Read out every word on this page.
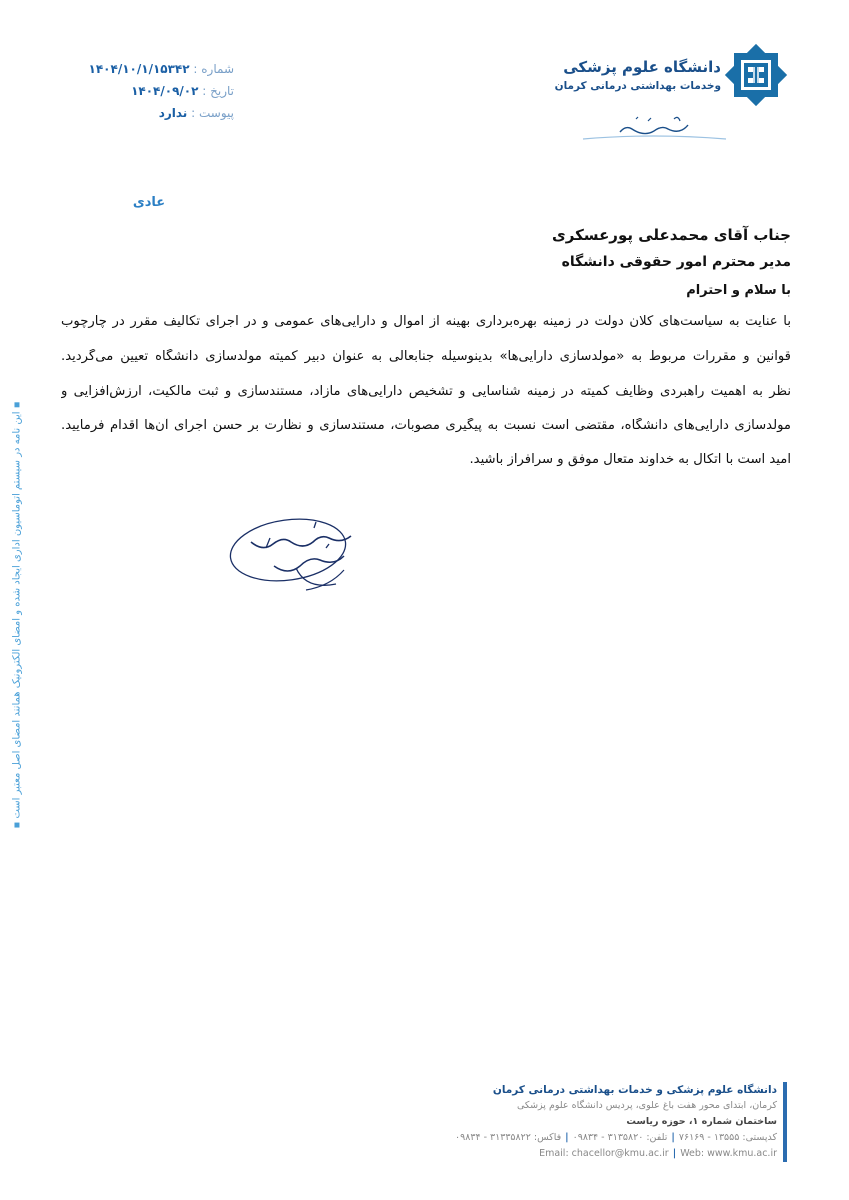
دانشگاه علوم پزشکی
وخدمات بهداشتی درمانی کرمان
شماره : ۱۴۰۴/۱۰/۱/۱۵۳۴۲
تاریخ : ۱۴۰۴/۰۹/۰۲
پیوست : ندارد
عادی
جناب آقای محمدعلی پورعسکری
مدیر محترم امور حقوقی دانشگاه
با سلام و احترام
با عنایت به سیاست‌های کلان دولت در زمینه بهره‌برداری بهینه از اموال و دارایی‌های عمومی و در اجرای تکالیف مقرر در چارچوب
قوانین و مقررات مربوط به «مولدسازی دارایی‌ها» بدینوسیله جنابعالی به عنوان دبیر کمیته مولدسازی دانشگاه تعیین می‌گردید.
نظر به اهمیت راهبردی وظایف کمیته در زمینه شناسایی و تشخیص دارایی‌های مازاد، مستندسازی و ثبت مالکیت، ارزش‌افزایی و
مولدسازی دارایی‌های دانشگاه، مقتضی است نسبت به پیگیری مصوبات، مستندسازی و نظارت بر حسن اجرای آن‌ها اقدام فرمایید.
امید است با اتکال به خداوند متعال موفق و سرافراز باشید.
▪ این نامه در سیستم اتوماسیون اداری ایجاد شده و امضای الکترونیک همانند امضای اصل معتبر است ▪
دانشگاه علوم پزشکی و خدمات بهداشتی درمانی کرمان
کرمان، ابتدای محور هفت باغ علوی، پردیس دانشگاه علوم پزشکی
ساختمان شماره ۱، حوزه ریاست
کدپستی: ۱۳۵۵۵ - ۷۶۱۶۹|تلفن: ۳۱۳۵۸۲۰ - ۰۹۸۳۴|فاکس: ۳۱۳۳۵۸۲۲ - ۰۹۸۳۴
Email: chacellor@kmu.ac.ir | Web: www.kmu.ac.ir
